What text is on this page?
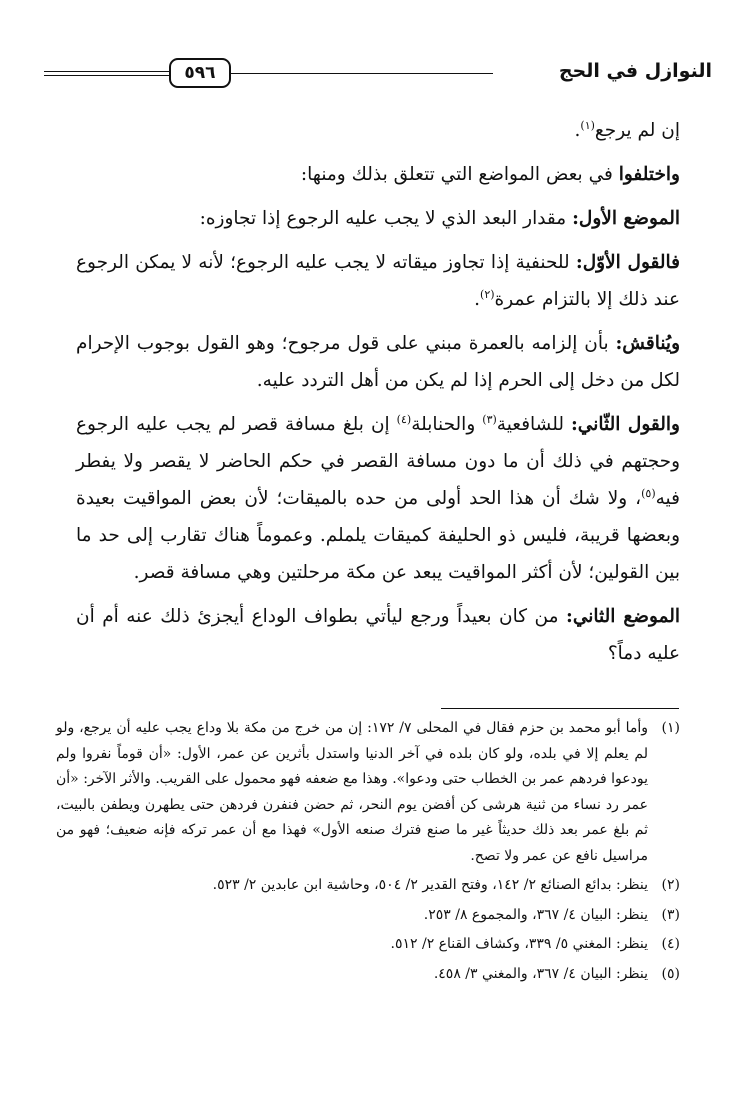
٥٩٦	النوازل في الحج

إن لم يرجع$^{(١)}$.

واختلفوا في بعض المواضع التي تتعلق بذلك ومنها:

الموضع الأول: مقدار البعد الذي لا يجب عليه الرجوع إذا تجاوزه:

فالقول الأوّل: للحنفية إذا تجاوز ميقاته لا يجب عليه الرجوع؛ لأنه لا يمكن الرجوع عند ذلك إلا بالتزام عمرة$^{(٢)}$.

ويُناقش: بأن إلزامه بالعمرة مبني على قول مرجوح؛ وهو القول بوجوب الإحرام لكل من دخل إلى الحرم إذا لم يكن من أهل التردد عليه.

والقول الثّاني: للشافعية$^{(٣)}$ والحنابلة$^{(٤)}$ إن بلغ مسافة قصر لم يجب عليه الرجوع وحجتهم في ذلك أن ما دون مسافة القصر في حكم الحاضر لا يقصر ولا يفطر فيه$^{(٥)}$، ولا شك أن هذا الحد أولى من حده بالميقات؛ لأن بعض المواقيت بعيدة وبعضها قريبة، فليس ذو الحليفة كميقات يلملم. وعموماً هناك تقارب إلى حد ما بين القولين؛ لأن أكثر المواقيت يبعد عن مكة مرحلتين وهي مسافة قصر.

الموضع الثاني: من كان بعيداً ورجع ليأتي بطواف الوداع أيجزئ ذلك عنه أم أن عليه دماً؟

(١)
وأما أبو محمد بن حزم فقال في المحلى ٧/ ١٧٢: إن من خرج من مكة بلا وداع يجب عليه أن يرجع، ولو لم يعلم إلا في بلده، ولو كان بلده في آخر الدنيا واستدل بأثرين عن عمر، الأول: «أن قوماً نفروا ولم يودعوا فردهم عمر بن الخطاب حتى ودعوا». وهذا مع ضعفه فهو محمول على القريب. والأثر الآخر: «أن عمر رد نساء من ثنية هرشى كن أفضن يوم النحر، ثم حضن فنفرن فردهن حتى يطهرن ويطفن بالبيت، ثم بلغ عمر بعد ذلك حديثاً غير ما صنع فترك صنعه الأول» فهذا مع أن عمر تركه فإنه ضعيف؛ فهو من مراسيل نافع عن عمر ولا تصح.
(٢)
ينظر: بدائع الصنائع ٢/ ١٤٢، وفتح القدير ٢/ ٥٠٤، وحاشية ابن عابدين ٢/ ٥٢٣.
(٣)
ينظر: البيان ٤/ ٣٦٧، والمجموع ٨/ ٢٥٣.
(٤)
ينظر: المغني ٥/ ٣٣٩، وكشاف القناع ٢/ ٥١٢.
(٥)
ينظر: البيان ٤/ ٣٦٧، والمغني ٣/ ٤٥٨.
